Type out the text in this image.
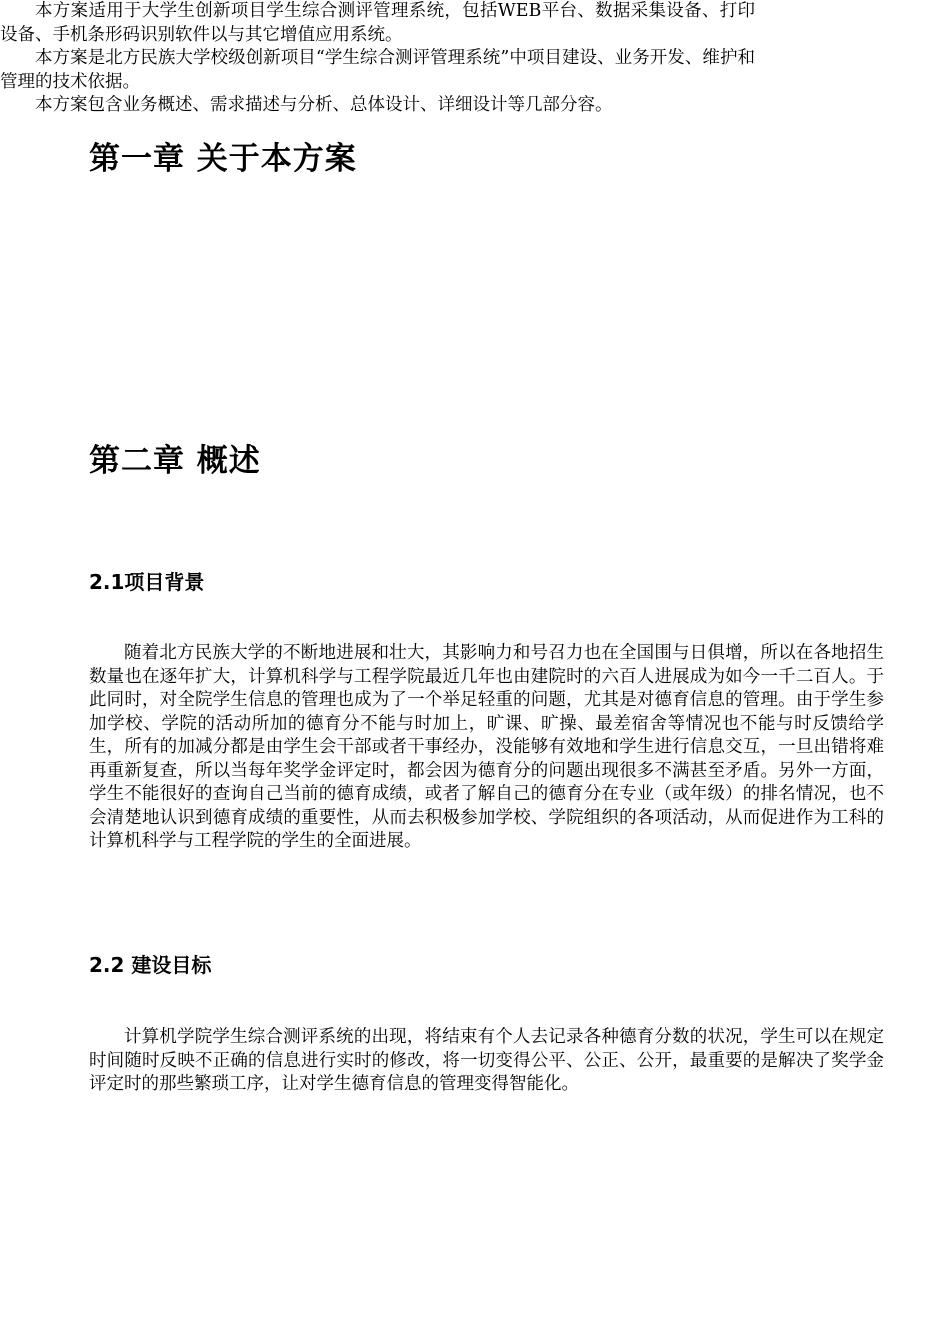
第一章 关于本方案

本方案适用于大学生创新项目学生综合测评管理系统，包括WEB平台、数据采集设备、打印设备、手机条形码识别软件以与其它增值应用系统。

本方案是北方民族大学校级创新项目“学生综合测评管理系统”中项目建设、业务开发、维护和管理的技术依据。

本方案包含业务概述、需求描述与分析、总体设计、详细设计等几部分容。

第二章 概述
2.1项目背景

随着北方民族大学的不断地进展和壮大，其影响力和号召力也在全国围与日俱增，所以在各地招生数量也在逐年扩大，计算机科学与工程学院最近几年也由建院时的六百人进展成为如今一千二百人。于此同时，对全院学生信息的管理也成为了一个举足轻重的问题，尤其是对德育信息的管理。由于学生参加学校、学院的活动所加的德育分不能与时加上，旷课、旷操、最差宿舍等情况也不能与时反馈给学生，所有的加减分都是由学生会干部或者干事经办，没能够有效地和学生进行信息交互，一旦出错将难再重新复查，所以当每年奖学金评定时，都会因为德育分的问题出现很多不满甚至矛盾。另外一方面，学生不能很好的查询自己当前的德育成绩，或者了解自己的德育分在专业（或年级）的排名情况，也不会清楚地认识到德育成绩的重要性，从而去积极参加学校、学院组织的各项活动，从而促进作为工科的计算机科学与工程学院的学生的全面进展。

2.2 建设目标

计算机学院学生综合测评系统的出现，将结束有个人去记录各种德育分数的状况，学生可以在规定时间随时反映不正确的信息进行实时的修改，将一切变得公平、公正、公开，最重要的是解决了奖学金评定时的那些繁琐工序，让对学生德育信息的管理变得智能化。
